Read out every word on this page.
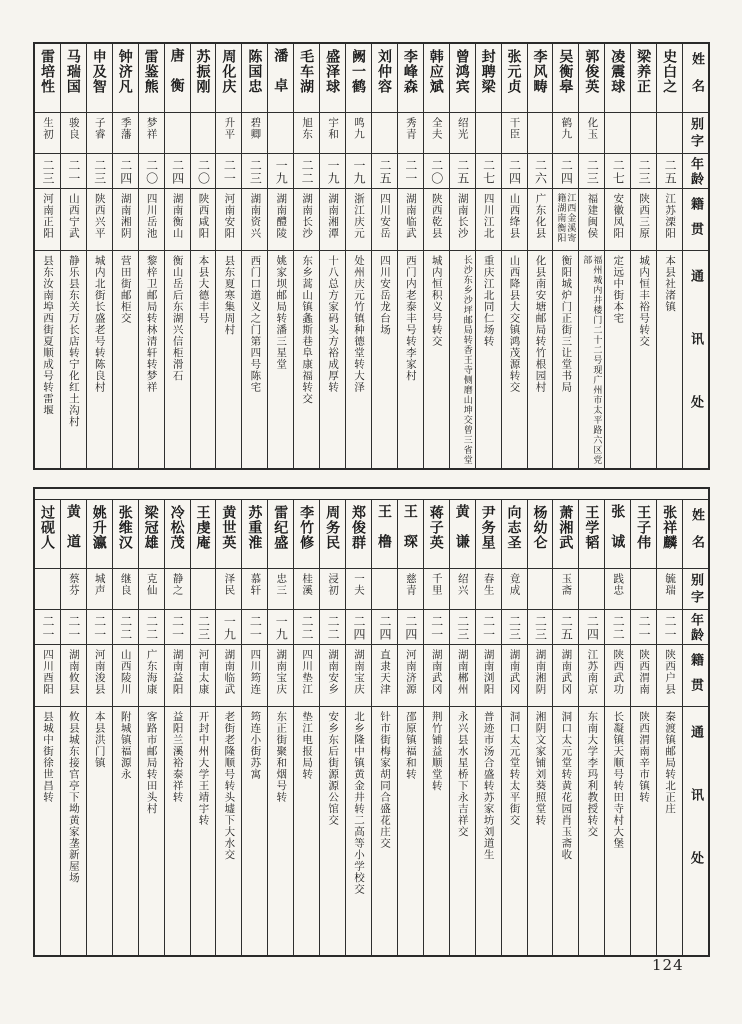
姓名
别字
年龄
籍贯
通讯处
史白之
二五
江苏溧阳
本县社渚镇
梁养正
二三
陕西三原
城内恒丰裕号转交
凌震球
二七
安徽凤阳
定远中街本宅
郭俊英
化玉
二三
福建闽侯
福州城内井楼门二十二号现广州市太平路六区党部
吴衡皋
鹤九
二四
江西金溪寄籍湖南衡阳
衡阳城炉门正街三让堂书局
李风畴
二六
广东化县
化县南安塘邮局转竹根园村
张元贞
干臣
二四
山西绛县
山西降县大交镇鸿茂源转交
封聘梁
二七
四川江北
重庆江北同仁场转
曾鸿宾
绍光
二五
湖南长沙
长沙东乡沙坪邮局转香王寺侧磨山坤交曾三省堂
韩应斌
全夫
二〇
陕西乾县
城内恒积义号转交
李峰森
秀青
二一
湖南临武
西门内老泰丰号转李家村
刘仲容
二五
四川安岳
四川安岳龙台场
阙一鹤
鸣九
一九
浙江庆元
处州庆元竹镇种德堂转大泽
盛泽球
宇和
一九
湖南湘潭
十八总方家码头方裕成厚转
毛车湖
旭东
二二
湖南长沙
东乡蒿山镇螽斯巷阜康福转交
潘卓
一九
湖南醴陵
姚家坝邮局转潘三星堂
陈国忠
碧卿
二三
湖南资兴
西门口道义之门第四号陈宅
周化庆
升平
二一
河南安阳
县东夏寒集周村
苏振刚
二〇
陕西咸阳
本县大德丰号
唐衡
二四
湖南衡山
衡山岳后东湖兴信柜滑石
雷鉴熊
梦祥
二〇
四川岳池
黎梓卫邮局转林清轩转梦祥
钟济凡
季藩
二四
湖南湘阴
营田街邮柜交
申及智
子睿
二三
陕西兴平
城内北街长盛老号转陈良村
马瑞国
骏良
二一
山西宁武
静乐县东关万长店转宁化红土沟村
雷培性
生初
二三
河南正阳
县东汝南埠西街夏顺成号转雷堰
姓名
别字
年龄
籍贯
通讯处
张祥麟
毓瑞
二一
陕西户县
秦渡镇邮局转北正庄
王子伟
二一
陕西渭南
陕西渭南辛市镇转
张诚
践忠
二二
陕西武功
长凝镇天顺号转田寺村大堡
王学韬
二四
江苏南京
东南大学李玛利教授转交
萧湘武
玉斋
二五
湖南武冈
洞口太元堂转黄花园肖玉斋收
杨幼仑
二三
湖南湘阴
湘阴文家铺刘葵照堂转
向志圣
竟成
二三
湖南武冈
洞口太元堂转太平街交
尹务星
春生
二一
湖南浏阳
普迹市汤合盛转苏家坊刘道生
黄谦
绍兴
二三
湖南郴州
永兴县水星桥下永吉祥交
蒋子英
千里
二一
湖南武冈
荆竹铺益顺堂转
王琛
慈青
二四
河南济源
邵原镇福和转
王橹
二四
直隶天津
针市街梅家胡同合盛花庄交
郑俊群
一夫
二四
湖南宝庆
北乡隆中镇黄金井转二高等小学校交
周务民
浸初
二二
湖南安乡
安乡东后街源源公馆交
李竹修
桂溪
二二
四川垫江
垫江电报局转
雷纪盛
忠三
一九
湖南宝庆
东正街聚和烟号转
苏重淮
慕轩
二一
四川筠连
筠连小街苏寓
黄世英
泽民
一九
湖南临武
老街老隆顺号转头墟下大水交
王虔庵
二三
河南太康
开封中州大学王靖宇转
冷松茂
静之
二一
湖南益阳
益阳兰溪裕泰祥转
梁冠雄
克仙
二二
广东海康
客路市邮局转田头村
张维汉
继良
二二
山西陵川
附城镇福源永
姚升瀛
城声
二一
河南浚县
本县洪门镇
黄道
蔡芬
二一
湖南攸县
攸县城东接官亭下坳黄家垄新屋场
过砚人
二一
四川酉阳
县城中街徐世昌转
124
